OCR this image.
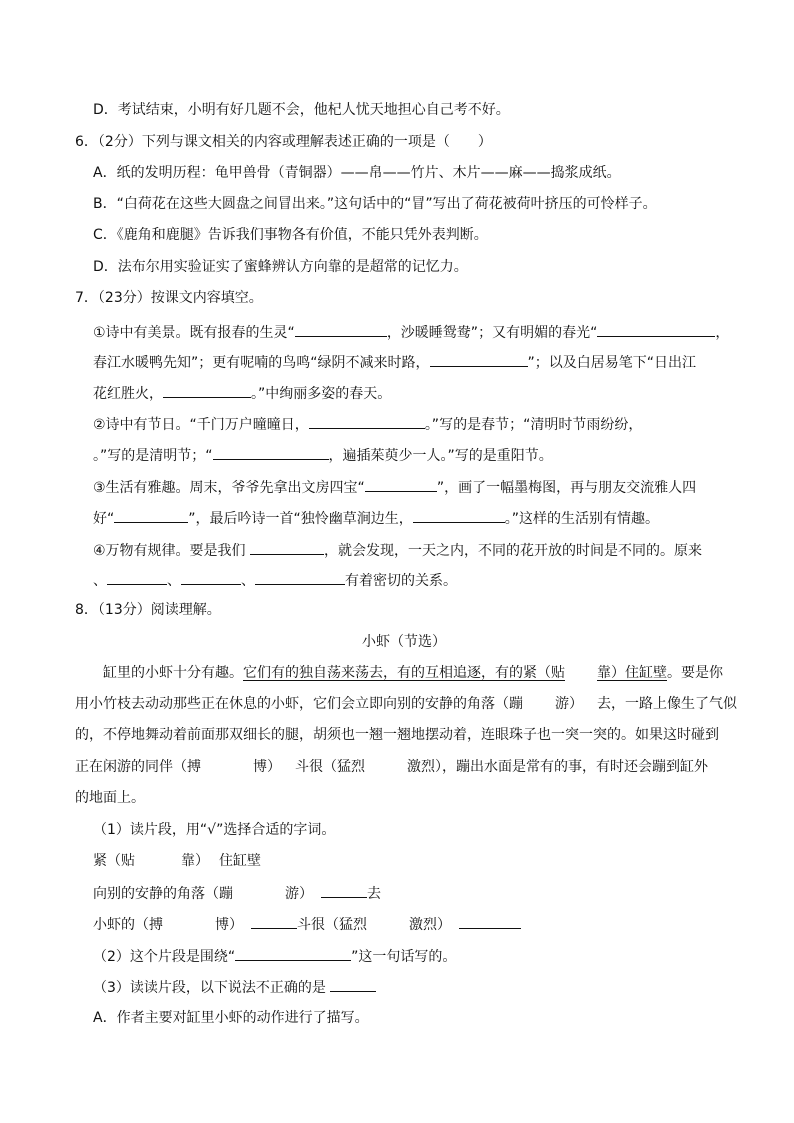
D．考试结束，小明有好几题不会，他杞人忧天地担心自己考不好。
6．（2分）下列与课文相关的内容或理解表述正确的一项是（　　）
A．纸的发明历程：龟甲兽骨（青铜器）——帛——竹片、木片——麻——捣浆成纸。
B．“白荷花在这些大圆盘之间冒出来。”这句话中的“冒”写出了荷花被荷叶挤压的可怜样子。
C．《鹿角和鹿腿》告诉我们事物各有价值，不能只凭外表判断。
D．法布尔用实验证实了蜜蜂辨认方向靠的是超常的记忆力。
7．（23分）按课文内容填空。
①诗中有美景。既有报春的生灵“	，沙暖睡鸳鸯”；又有明媚的春光“	，
春江水暖鸭先知”；更有呢喃的鸟鸣“绿阴不减来时路，	”；以及白居易笔下“日出江
花红胜火，	。”中绚丽多姿的春天。
②诗中有节日。“千门万户曈曈日，	。”写的是春节；“清明时节雨纷纷，
。”写的是清明节；“	，遍插茱萸少一人。”写的是重阳节。
③生活有雅趣。周末，爷爷先拿出文房四宝“	”，画了一幅墨梅图，再与朋友交流雅人四
好“	”，最后吟诗一首“独怜幽草涧边生，	。”这样的生活别有情趣。
④万物有规律。要是我们	，就会发现，一天之内，不同的花开放的时间是不同的。原来
、	、	、	有着密切的关系。
8．（13分）阅读理解。
小虾（节选）
缸里的小虾十分有趣。它们有的独自荡来荡去，有的互相追逐，有的紧（贴 靠）住缸壁。要是你
用小竹枝去动动那些正在休息的小虾，它们会立即向别的安静的角落（蹦 游） 去，一路上像生了气似
的，不停地舞动着前面那双细长的腿，胡须也一翘一翘地摆动着，连眼珠子也一突一突的。如果这时碰到
正在闲游的同伴（搏	博） 斗很（猛烈	激烈），蹦出水面是常有的事，有时还会蹦到缸外
的地面上。
（1）读片段，用“√”选择合适的字词。
紧（贴	靠） 住缸壁
向别的安静的角落（蹦	游）	去
小虾的（搏	博）	斗很（猛烈	激烈）
（2）这个片段是围绕“	”这一句话写的。
（3）读读片段，以下说法不正确的是
A．作者主要对缸里小虾的动作进行了描写。
